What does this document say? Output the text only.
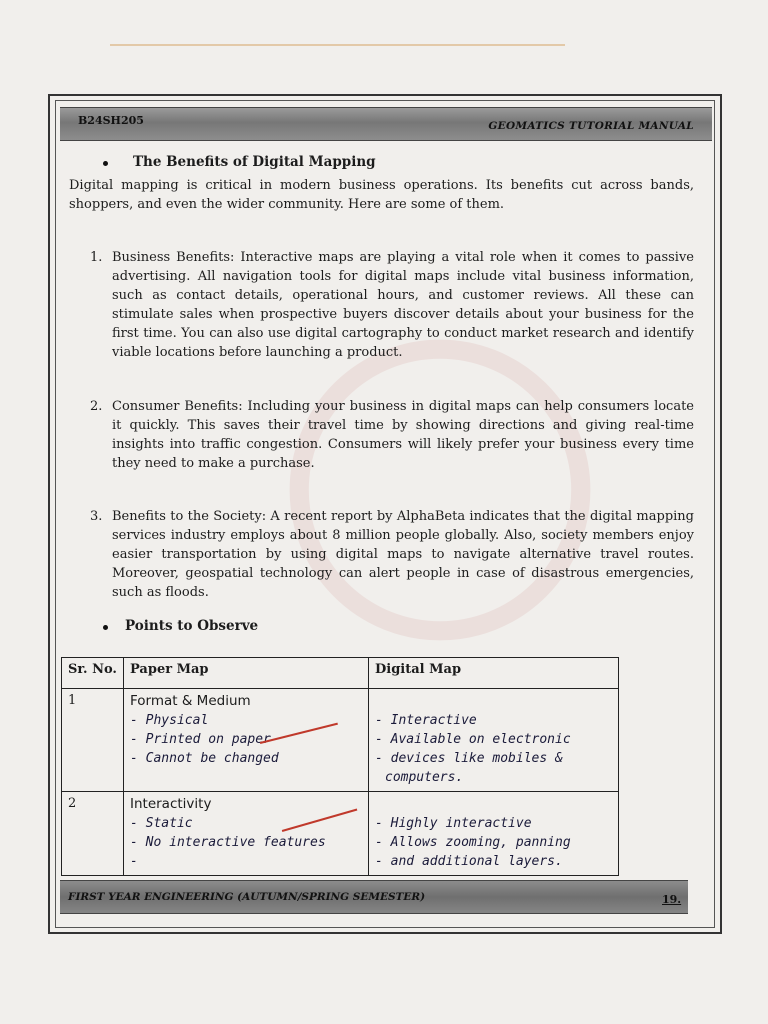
B24SH205	GEOMATICS TUTORIAL MANUAL
The Benefits of Digital Mapping
Digital mapping is critical in modern business operations. Its benefits cut across bands, shoppers, and even the wider community. Here are some of them.
1. Business Benefits: Interactive maps are playing a vital role when it comes to passive advertising. All navigation tools for digital maps include vital business information, such as contact details, operational hours, and customer reviews. All these can stimulate sales when prospective buyers discover details about your business for the first time. You can also use digital cartography to conduct market research and identify viable locations before launching a product.
2. Consumer Benefits: Including your business in digital maps can help consumers locate it quickly. This saves their travel time by showing directions and giving real-time insights into traffic congestion. Consumers will likely prefer your business every time they need to make a purchase.
3. Benefits to the Society: A recent report by AlphaBeta indicates that the digital mapping services industry employs about 8 million people globally. Also, society members enjoy easier transportation by using digital maps to navigate alternative travel routes. Moreover, geospatial technology can alert people in case of disastrous emergencies, such as floods.
Points to Observe
Sr. No.	Paper Map	Digital Map
1	Format & Medium
- Physical
- Printed on paper
- Cannot be changed	- Interactive
- Available on electronic
- devices like mobiles &
computers.

2	Interactivity
- Static
- No interactive features
-	- Highly interactive
- Allows zooming, panning
- and additional layers.
FIRST YEAR ENGINEERING (AUTUMN/SPRING SEMESTER)	19.
